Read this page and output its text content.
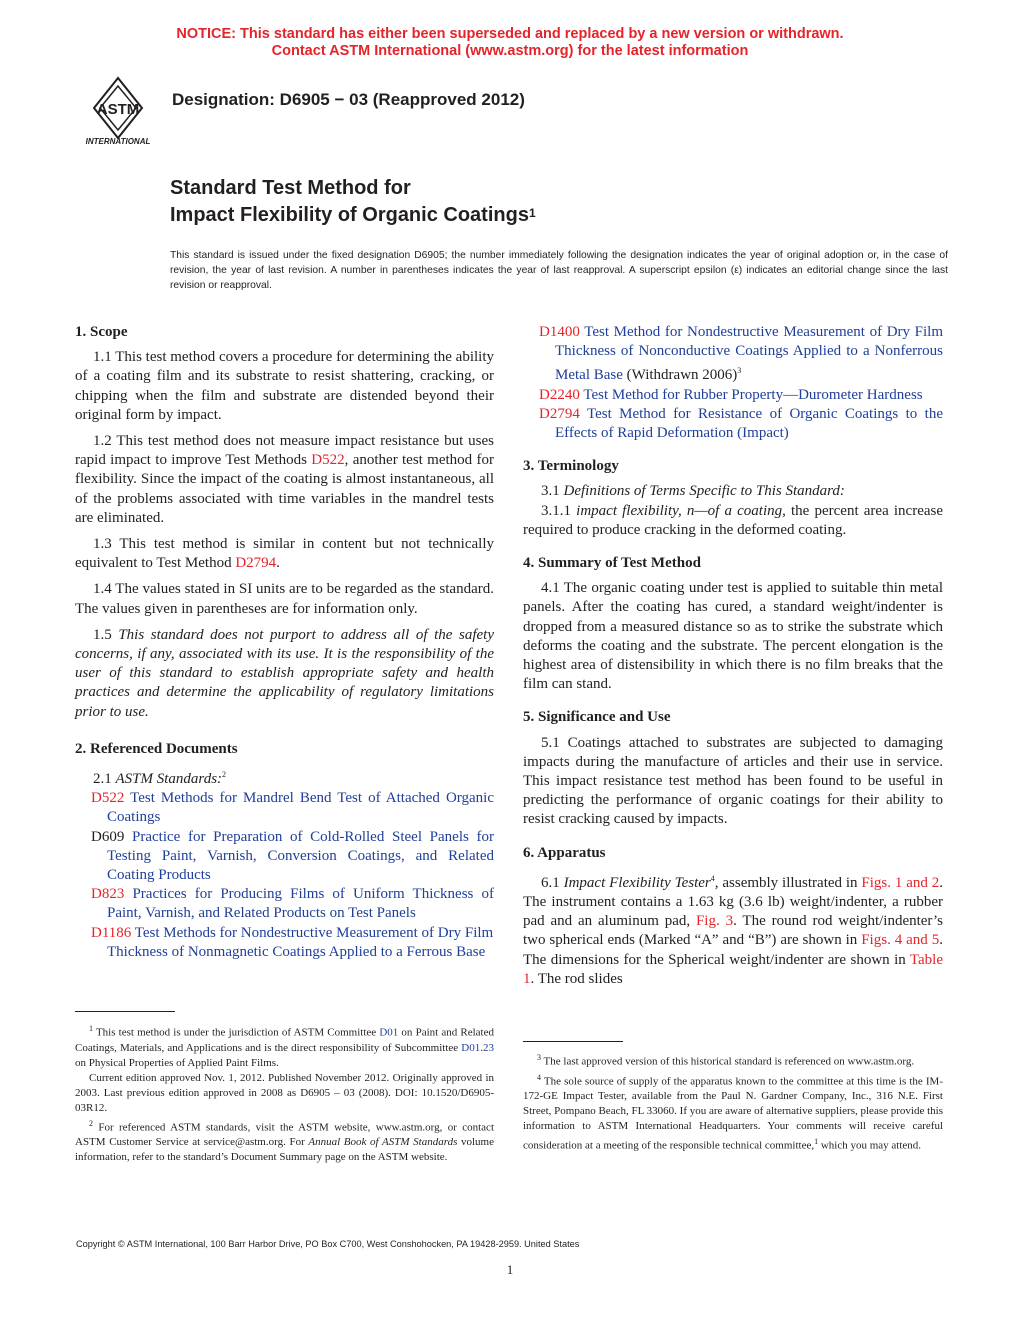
NOTICE: This standard has either been superseded and replaced by a new version or withdrawn.
Contact ASTM International (www.astm.org) for the latest information
ASTM
INTERNATIONAL
Designation: D6905 − 03 (Reapproved 2012)
Standard Test Method for
Impact Flexibility of Organic Coatings$^1$
This standard is issued under the fixed designation D6905; the number immediately following the designation indicates the year of original adoption or, in the case of revision, the year of last revision. A number in parentheses indicates the year of last reapproval. A superscript epsilon (ε) indicates an editorial change since the last revision or reapproval.
1. Scope

1.1 This test method covers a procedure for determining the ability of a coating film and its substrate to resist shattering, cracking, or chipping when the film and substrate are distended beyond their original form by impact.

1.2 This test method does not measure impact resistance but uses rapid impact to improve Test Methods D522, another test method for flexibility. Since the impact of the coating is almost instantaneous, all of the problems associated with time variables in the mandrel tests are eliminated.

1.3 This test method is similar in content but not technically equivalent to Test Method D2794.

1.4 The values stated in SI units are to be regarded as the standard. The values given in parentheses are for information only.

1.5 This standard does not purport to address all of the safety concerns, if any, associated with its use. It is the responsibility of the user of this standard to establish appropriate safety and health practices and determine the applicability of regulatory limitations prior to use.

2. Referenced Documents

2.1 ASTM Standards:$^2$

D522 Test Methods for Mandrel Bend Test of Attached Organic Coatings

D609 Practice for Preparation of Cold-Rolled Steel Panels for Testing Paint, Varnish, Conversion Coatings, and Related Coating Products

D823 Practices for Producing Films of Uniform Thickness of Paint, Varnish, and Related Products on Test Panels

D1186 Test Methods for Nondestructive Measurement of Dry Film Thickness of Nonmagnetic Coatings Applied to a Ferrous Base

$^1$ This test method is under the jurisdiction of ASTM Committee D01 on Paint and Related Coatings, Materials, and Applications and is the direct responsibility of Subcommittee D01.23 on Physical Properties of Applied Paint Films.

Current edition approved Nov. 1, 2012. Published November 2012. Originally approved in 2003. Last previous edition approved in 2008 as D6905 – 03 (2008). DOI: 10.1520/D6905-03R12.

$^2$ For referenced ASTM standards, visit the ASTM website, www.astm.org, or contact ASTM Customer Service at service@astm.org. For Annual Book of ASTM Standards volume information, refer to the standard’s Document Summary page on the ASTM website.

D1400 Test Method for Nondestructive Measurement of Dry Film Thickness of Nonconductive Coatings Applied to a Nonferrous Metal Base (Withdrawn 2006)$^3$

D2240 Test Method for Rubber Property—Durometer Hardness

D2794 Test Method for Resistance of Organic Coatings to the Effects of Rapid Deformation (Impact)

3. Terminology

3.1 Definitions of Terms Specific to This Standard:

3.1.1 impact flexibility, n—of a coating, the percent area increase required to produce cracking in the deformed coating.

4. Summary of Test Method

4.1 The organic coating under test is applied to suitable thin metal panels. After the coating has cured, a standard weight/indenter is dropped from a measured distance so as to strike the substrate which deforms the coating and the substrate. The percent elongation is the highest area of distensibility in which there is no film breaks that the film can stand.

5. Significance and Use

5.1 Coatings attached to substrates are subjected to damaging impacts during the manufacture of articles and their use in service. This impact resistance test method has been found to be useful in predicting the performance of organic coatings for their ability to resist cracking caused by impacts.

6. Apparatus

6.1 Impact Flexibility Tester$^4$, assembly illustrated in Figs. 1 and 2. The instrument contains a 1.63 kg (3.6 lb) weight/indenter, a rubber pad and an aluminum pad, Fig. 3. The round rod weight/indenter’s two spherical ends (Marked “A” and “B”) are shown in Figs. 4 and 5. The dimensions for the Spherical weight/indenter are shown in Table 1. The rod slides

$^3$ The last approved version of this historical standard is referenced on www.astm.org.

$^4$ The sole source of supply of the apparatus known to the committee at this time is the IM-172-GE Impact Tester, available from the Paul N. Gardner Company, Inc., 316 N.E. First Street, Pompano Beach, FL 33060. If you are aware of alternative suppliers, please provide this information to ASTM International Headquarters. Your comments will receive careful consideration at a meeting of the responsible technical committee,$^1$ which you may attend.

Copyright © ASTM International, 100 Barr Harbor Drive, PO Box C700, West Conshohocken, PA 19428-2959. United States
1
